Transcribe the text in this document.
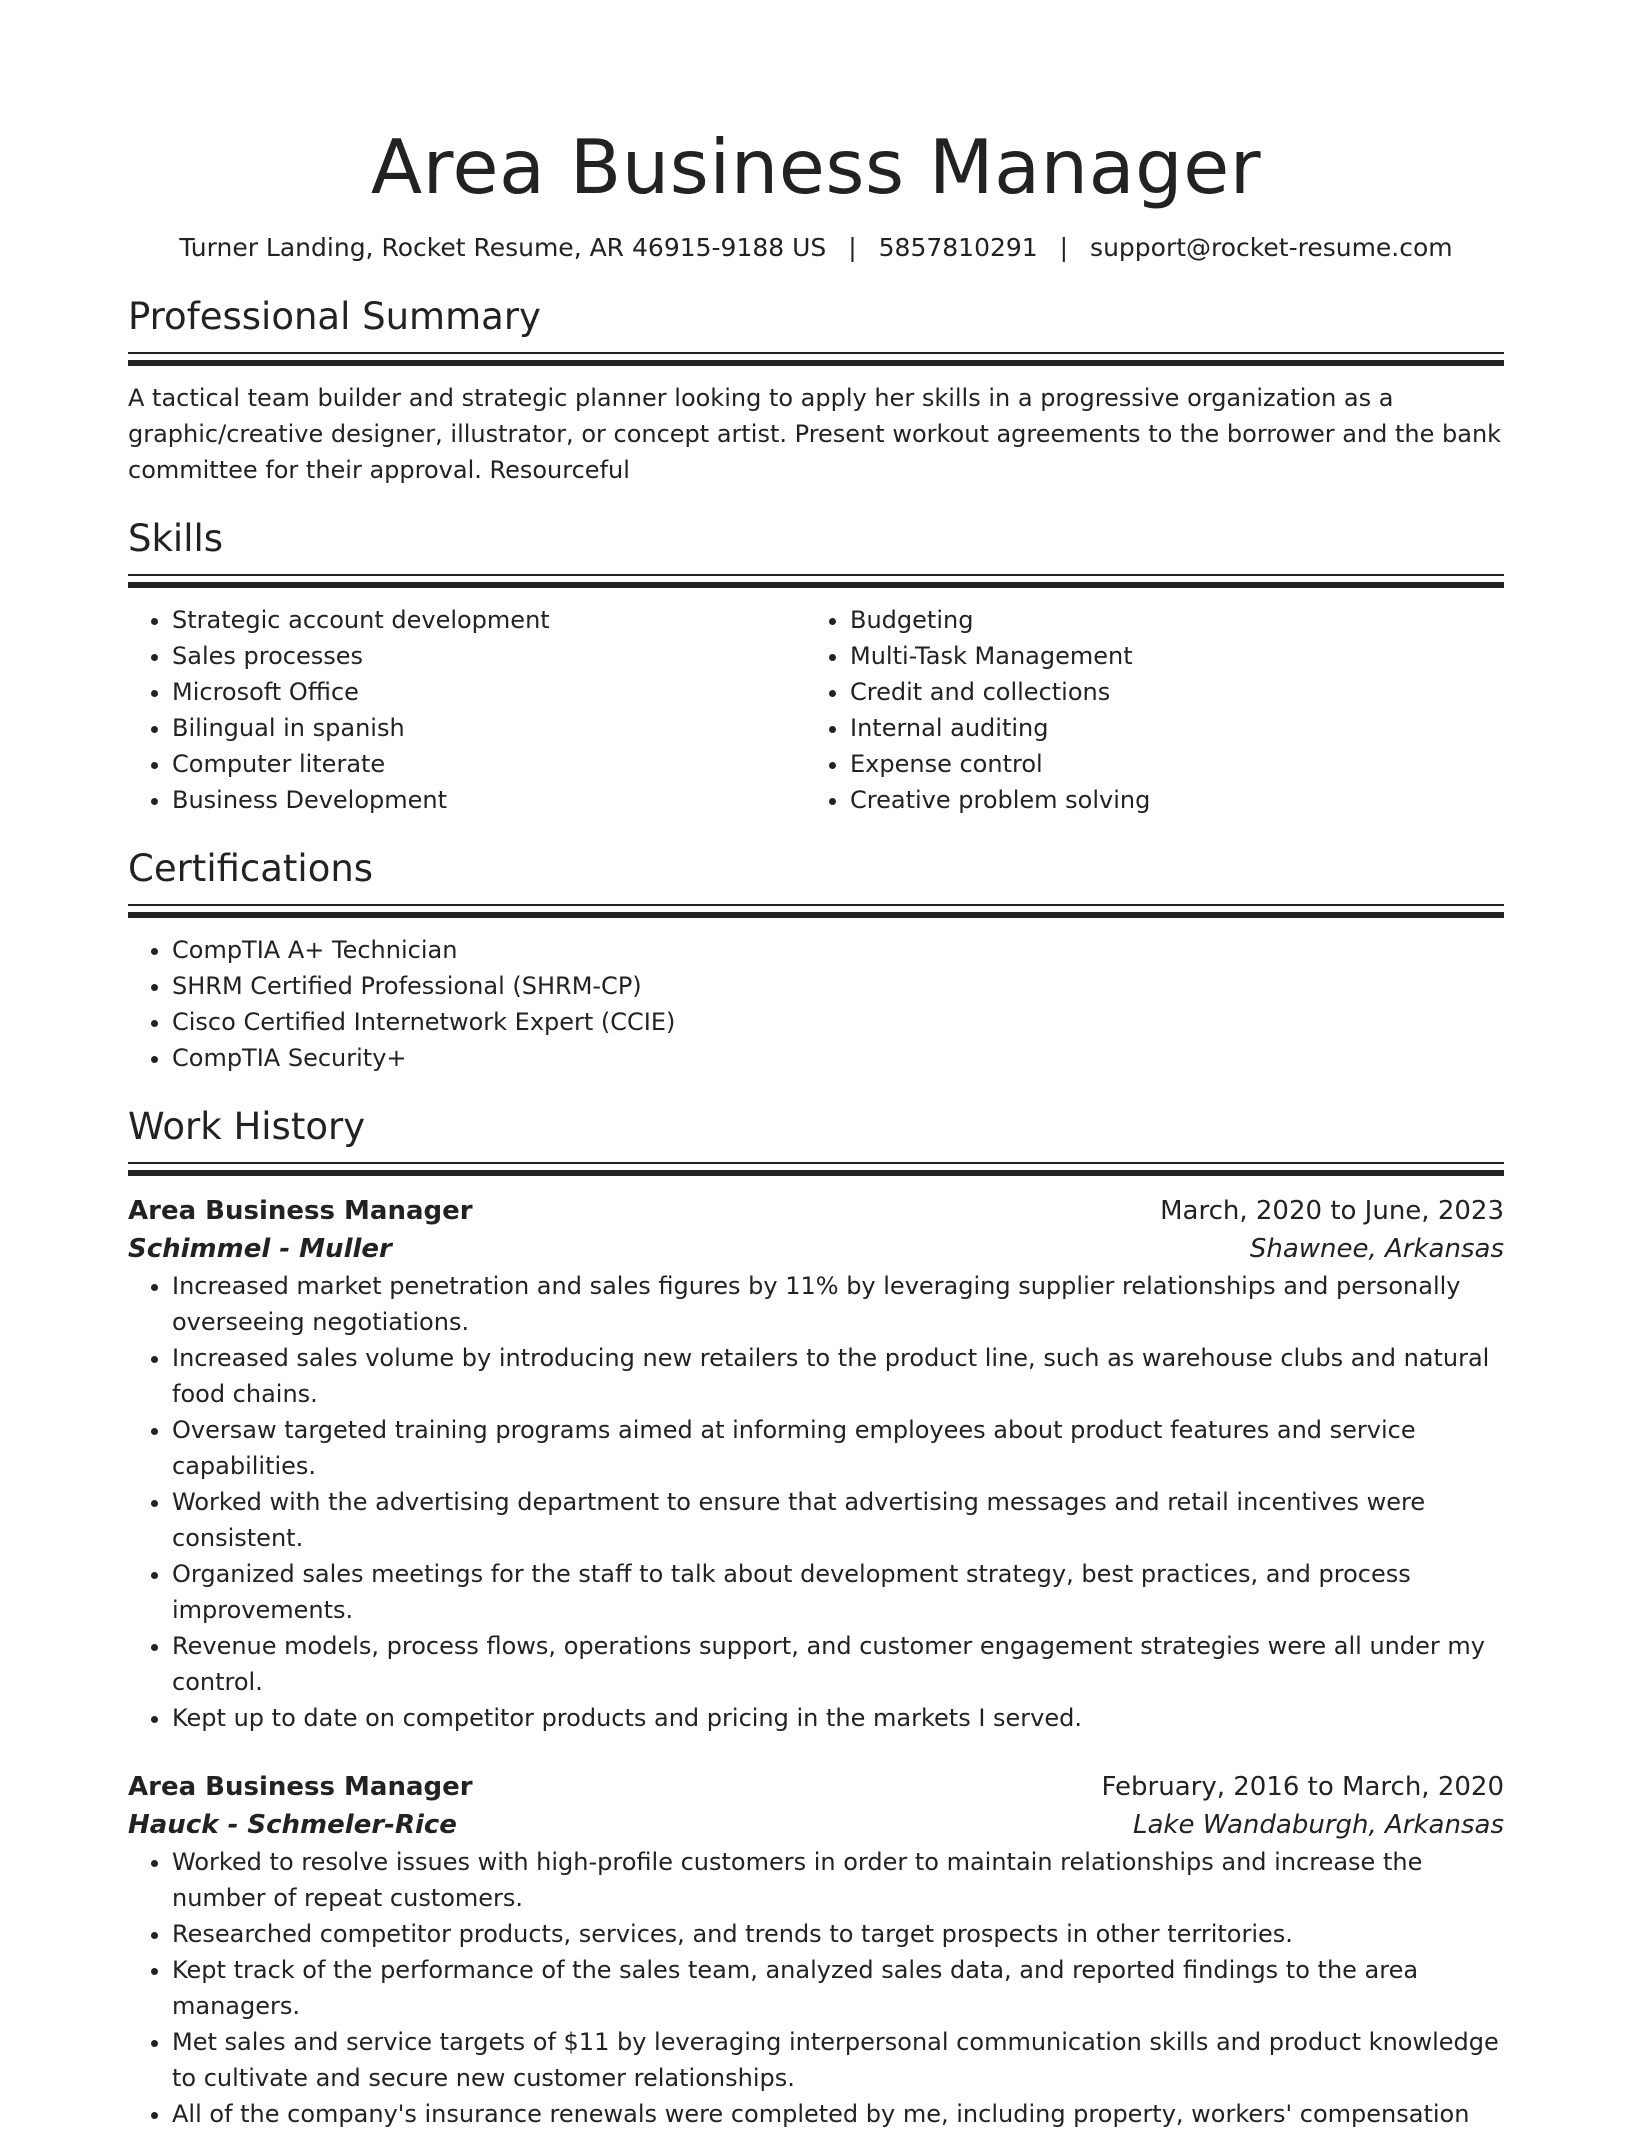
Area Business Manager
Turner Landing, Rocket Resume, AR 46915-9188 US | 5857810291 | support@rocket-resume.com
Professional Summary
A tactical team builder and strategic planner looking to apply her skills in a progressive organization as a graphic/creative designer, illustrator, or concept artist. Present workout agreements to the borrower and the bank committee for their approval. Resourceful
Skills
• Strategic account development
• Sales processes
• Microsoft Office
• Bilingual in spanish
• Computer literate
• Business Development
• Budgeting
• Multi-Task Management
• Credit and collections
• Internal auditing
• Expense control
• Creative problem solving
Certifications
• CompTIA A+ Technician
• SHRM Certified Professional (SHRM-CP)
• Cisco Certified Internetwork Expert (CCIE)
• CompTIA Security+
Work History
Area Business Manager	March, 2020 to June, 2023
Schimmel - Muller	Shawnee, Arkansas
• Increased market penetration and sales figures by 11% by leveraging supplier relationships and personally overseeing negotiations.
• Increased sales volume by introducing new retailers to the product line, such as warehouse clubs and natural food chains.
• Oversaw targeted training programs aimed at informing employees about product features and service capabilities.
• Worked with the advertising department to ensure that advertising messages and retail incentives were consistent.
• Organized sales meetings for the staff to talk about development strategy, best practices, and process improvements.
• Revenue models, process flows, operations support, and customer engagement strategies were all under my control.
• Kept up to date on competitor products and pricing in the markets I served.
Area Business Manager	February, 2016 to March, 2020
Hauck - Schmeler-Rice	Lake Wandaburgh, Arkansas
• Worked to resolve issues with high-profile customers in order to maintain relationships and increase the number of repeat customers.
• Researched competitor products, services, and trends to target prospects in other territories.
• Kept track of the performance of the sales team, analyzed sales data, and reported findings to the area managers.
• Met sales and service targets of $11 by leveraging interpersonal communication skills and product knowledge to cultivate and secure new customer relationships.
• All of the company's insurance renewals were completed by me, including property, workers' compensation
